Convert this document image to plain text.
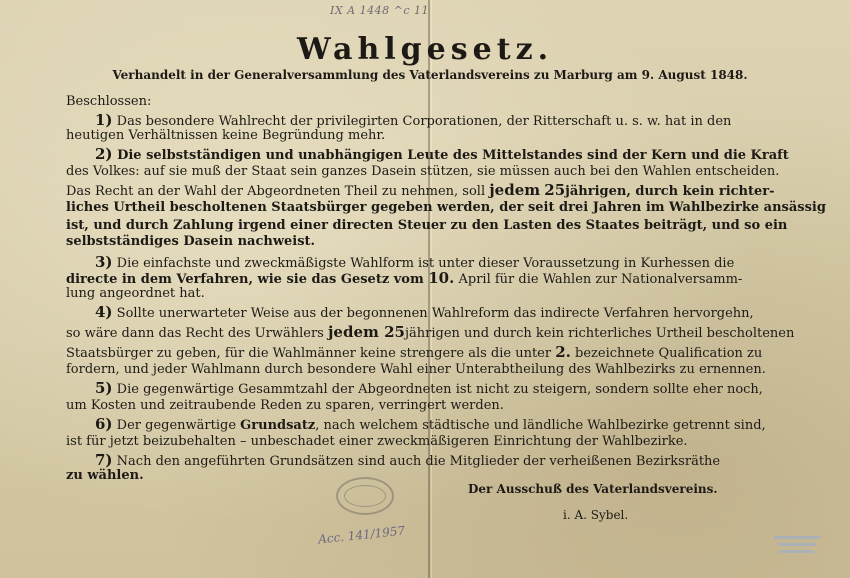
IX A 1448 ^c 11
Wahlgesetz.
Verhandelt in der Generalversammlung des Vaterlandsvereins zu Marburg am 9. August 1848.
Beschlossen:
1) Das besondere Wahlrecht der privilegirten Corporationen, der Ritterschaft u. s. w. hat in den
heutigen Verhältnissen keine Begründung mehr.
2) Die selbstständigen und unabhängigen Leute des Mittelstandes sind der Kern und die Kraft
des Volkes: auf sie muß der Staat sein ganzes Dasein stützen, sie müssen auch bei den Wahlen entscheiden.
Das Recht an der Wahl der Abgeordneten Theil zu nehmen, soll jedem 25jährigen, durch kein richter-
liches Urtheil bescholtenen Staatsbürger gegeben werden, der seit drei Jahren im Wahlbezirke ansässig
ist, und durch Zahlung irgend einer directen Steuer zu den Lasten des Staates beiträgt, und so ein
selbstständiges Dasein nachweist.
3) Die einfachste und zweckmäßigste Wahlform ist unter dieser Voraussetzung in Kurhessen die
directe in dem Verfahren, wie sie das Gesetz vom 10. April für die Wahlen zur Nationalversamm-
lung angeordnet hat.
4) Sollte unerwarteter Weise aus der begonnenen Wahlreform das indirecte Verfahren hervorgehn,
so wäre dann das Recht des Urwählers jedem 25jährigen und durch kein richterliches Urtheil bescholtenen
Staatsbürger zu geben, für die Wahlmänner keine strengere als die unter 2. bezeichnete Qualification zu
fordern, und jeder Wahlmann durch besondere Wahl einer Unterabtheilung des Wahlbezirks zu ernennen.
5) Die gegenwärtige Gesammtzahl der Abgeordneten ist nicht zu steigern, sondern sollte eher noch,
um Kosten und zeitraubende Reden zu sparen, verringert werden.
6) Der gegenwärtige Grundsatz, nach welchem städtische und ländliche Wahlbezirke getrennt sind,
ist für jetzt beizubehalten – unbeschadet einer zweckmäßigeren Einrichtung der Wahlbezirke.
7) Nach den angeführten Grundsätzen sind auch die Mitglieder der verheißenen Bezirksräthe
zu wählen.
Der Ausschuß des Vaterlandsvereins.
i. A. Sybel.
Acc. 141/1957
